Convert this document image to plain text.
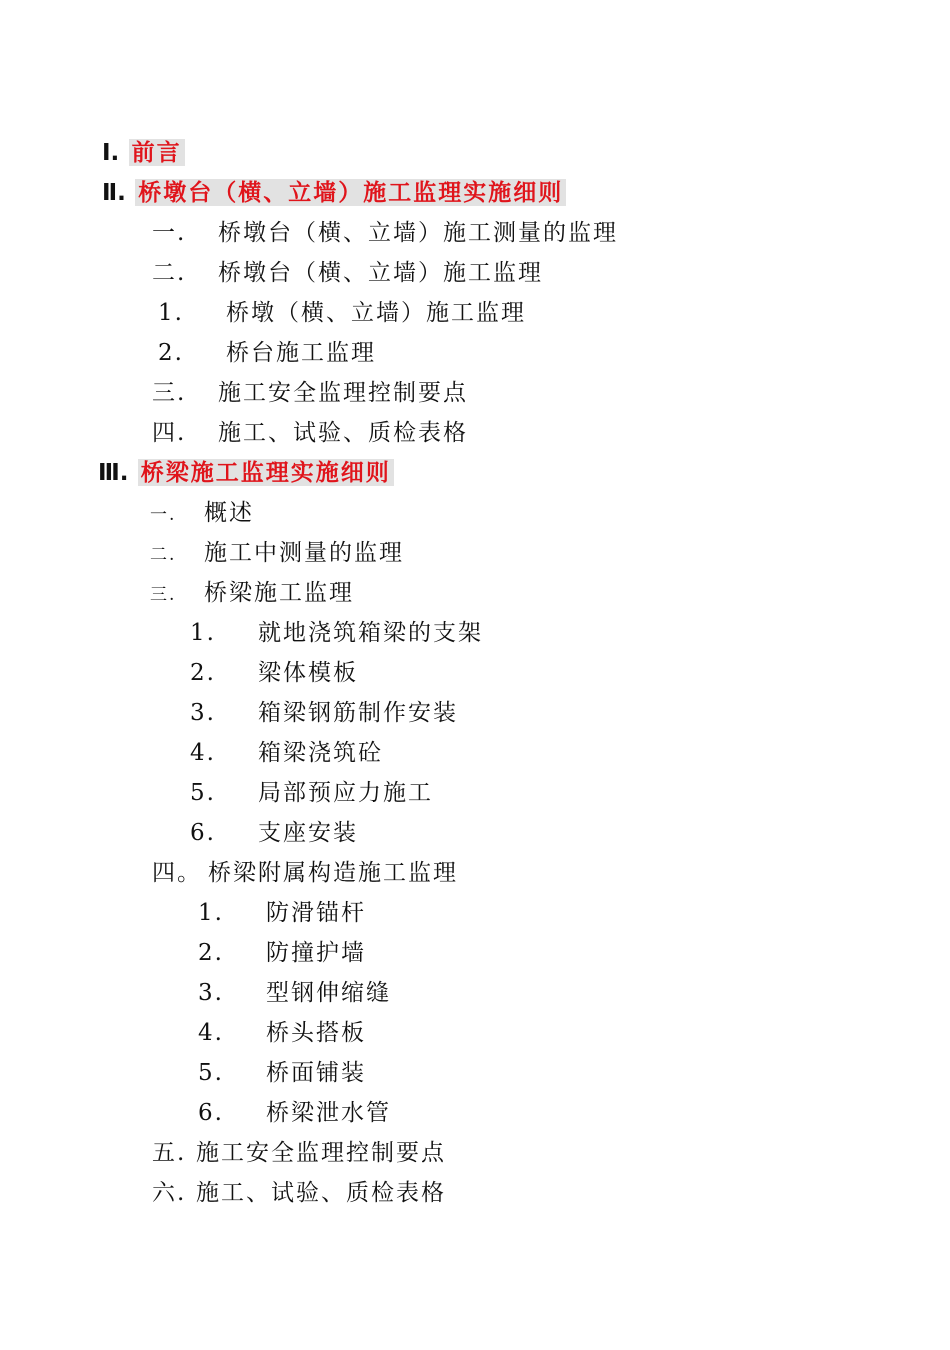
Ⅰ. 前言
Ⅱ. 桥墩台（横、立墙）施工监理实施细则
一. 桥墩台（横、立墙）施工测量的监理
二. 桥墩台（横、立墙）施工监理
1. 桥墩（横、立墙）施工监理
2. 桥台施工监理
三. 施工安全监理控制要点
四. 施工、试验、质检表格
Ⅲ. 桥梁施工监理实施细则
一. 概述
二. 施工中测量的监理
三. 桥梁施工监理
1. 就地浇筑箱梁的支架
2. 梁体模板
3. 箱梁钢筋制作安装
4. 箱梁浇筑砼
5. 局部预应力施工
6. 支座安装
四。 桥梁附属构造施工监理
1. 防滑锚杆
2. 防撞护墙
3. 型钢伸缩缝
4. 桥头搭板
5. 桥面铺装
6. 桥梁泄水管
五. 施工安全监理控制要点
六. 施工、试验、质检表格
